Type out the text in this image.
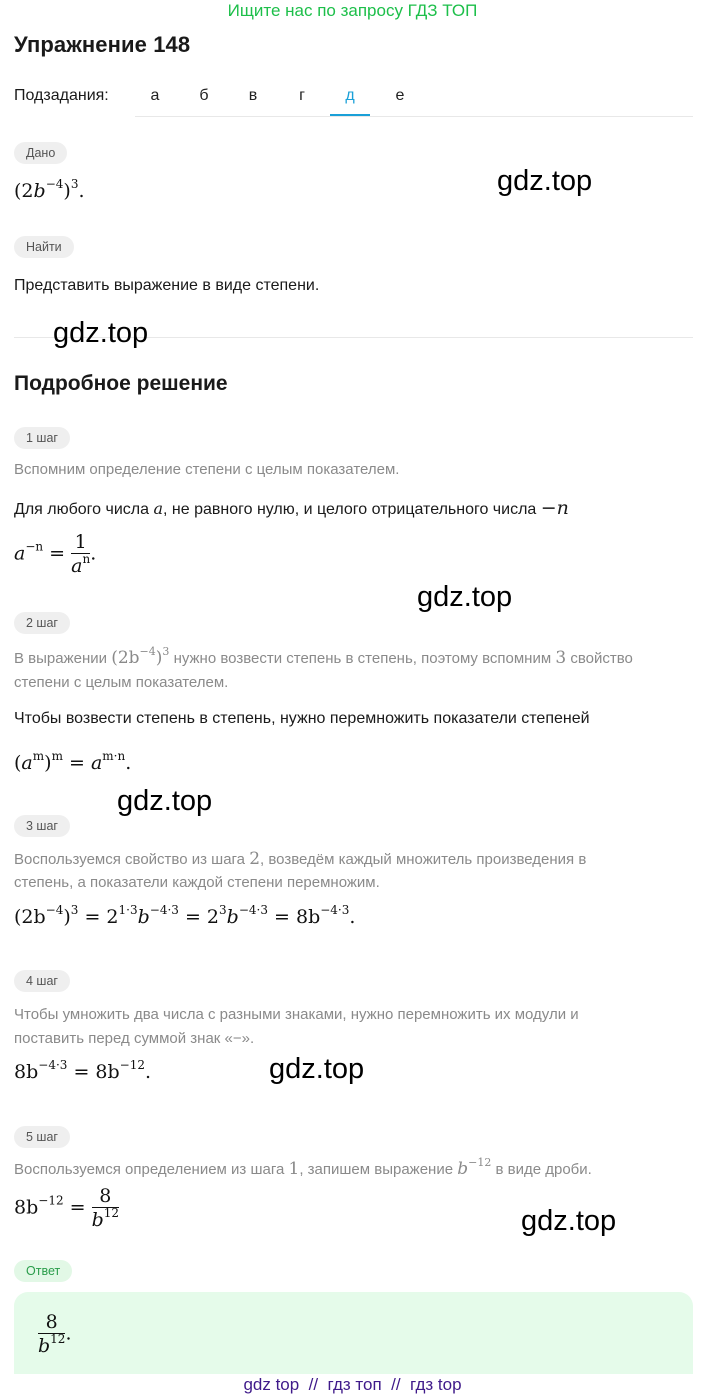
Ищите нас по запросу ГДЗ ТОП
Упражнение 148
Подзадания:	а	б	в	г	д	е
Дано
$(2b^{-4})^3$.
Найти
Представить выражение в виде степени.
Подробное решение
1 шаг
Вспомним определение степени с целым показателем.
Для любого числа a, не равного нулю, и целого отрицательного числа −n
$a^{-n} = \frac{1}{a^n}$ .
2 шаг
В выражении $(2b^{-4})^3$ нужно возвести степень в степень, поэтому вспомним 3 свойство
степени с целым показателем.
Чтобы возвести степень в степень, нужно перемножить показатели степеней
$(a^m)^m = a^{m\cdot n}$.
3 шаг
Воспользуемся свойство из шага 2, возведём каждый множитель произведения в
степень, а показатели каждой степени перемножим.
$(2b^{-4})^3 = 2^{1\cdot 3}b^{-4\cdot 3} = 2^3b^{-4\cdot 3} = 8b^{-4\cdot 3}$.
4 шаг
Чтобы умножить два числа с разными знаками, нужно перемножить их модули и
поставить перед суммой знак «−».
$8b^{-4\cdot 3} = 8b^{-12}$.
5 шаг
Воспользуемся определением из шага 1, запишем выражение $b^{-12}$ в виде дроби.
$8b^{-12} = \frac{8}{b^{12}}$
Ответ
$\frac{8}{b^{12}}$ .
gdz.top
gdz.top
gdz.top
gdz.top
gdz.top
gdz.top
gdz top  //  гдз топ  //  гдз top
